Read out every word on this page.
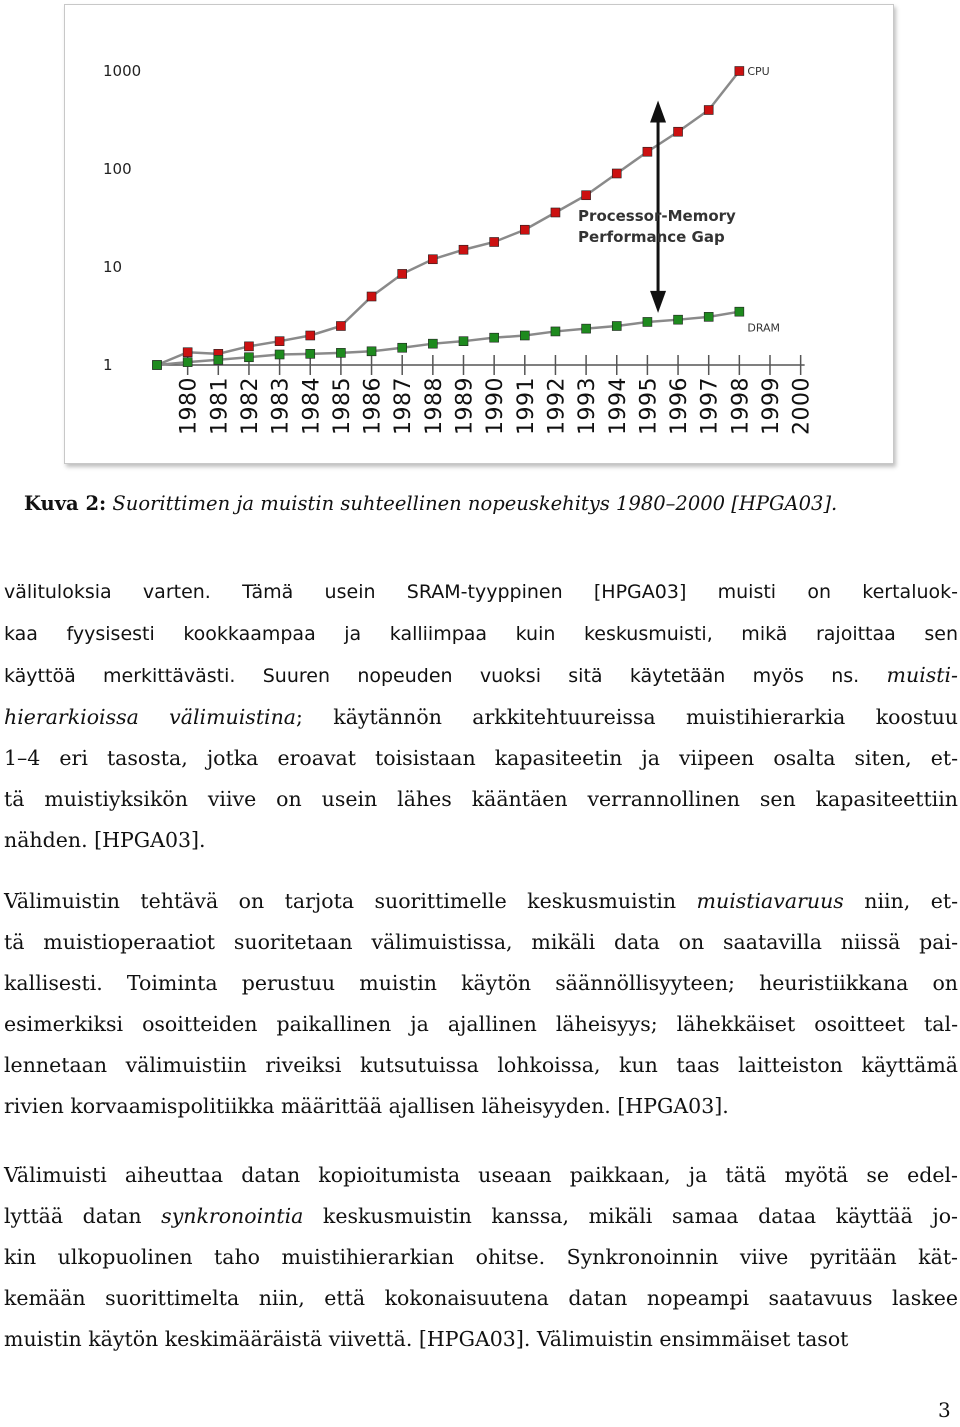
1980 1981 1982 1983 1984 1985 1986 1987 1988 1989 1990 1991 1992 1993 1994 1995 1996 1997 1998 1999 2000
1000
100
10
1
CPU
DRAM
Processor-Memory
Performance Gap

Kuva 2: Suorittimen ja muistin suhteellinen nopeuskehitys 1980–2000 [HPGA03].

välituloksia varten. Tämä usein SRAM-tyyppinen [HPGA03] muisti on kertaluok-
kaa fyysisesti kookkaampaa ja kalliimpaa kuin keskusmuisti, mikä rajoittaa sen
käyttöä merkittävästi. Suuren nopeuden vuoksi sitä käytetään myös ns. muisti-
hierarkioissa välimuistina; käytännön arkkitehtuureissa muistihierarkia koostuu
1–4 eri tasosta, jotka eroavat toisistaan kapasiteetin ja viipeen osalta siten, et-
tä muistiyksikön viive on usein lähes kääntäen verrannollinen sen kapasiteettiin
nähden. [HPGA03].
Välimuistin tehtävä on tarjota suorittimelle keskusmuistin muistiavaruus niin, et-
tä muistioperaatiot suoritetaan välimuistissa, mikäli data on saatavilla niissä pai-
kallisesti. Toiminta perustuu muistin käytön säännöllisyyteen; heuristiikkana on
esimerkiksi osoitteiden paikallinen ja ajallinen läheisyys; lähekkäiset osoitteet tal-
lennetaan välimuistiin riveiksi kutsutuissa lohkoissa, kun taas laitteiston käyttämä
rivien korvaamispolitiikka määrittää ajallisen läheisyyden. [HPGA03].
Välimuisti aiheuttaa datan kopioitumista useaan paikkaan, ja tätä myötä se edel-
lyttää datan synkronointia keskusmuistin kanssa, mikäli samaa dataa käyttää jo-
kin ulkopuolinen taho muistihierarkian ohitse. Synkronoinnin viive pyritään kät-
kemään suorittimelta niin, että kokonaisuutena datan nopeampi saatavuus laskee
muistin käytön keskimääräistä viivettä. [HPGA03]. Välimuistin ensimmäiset tasot

3
